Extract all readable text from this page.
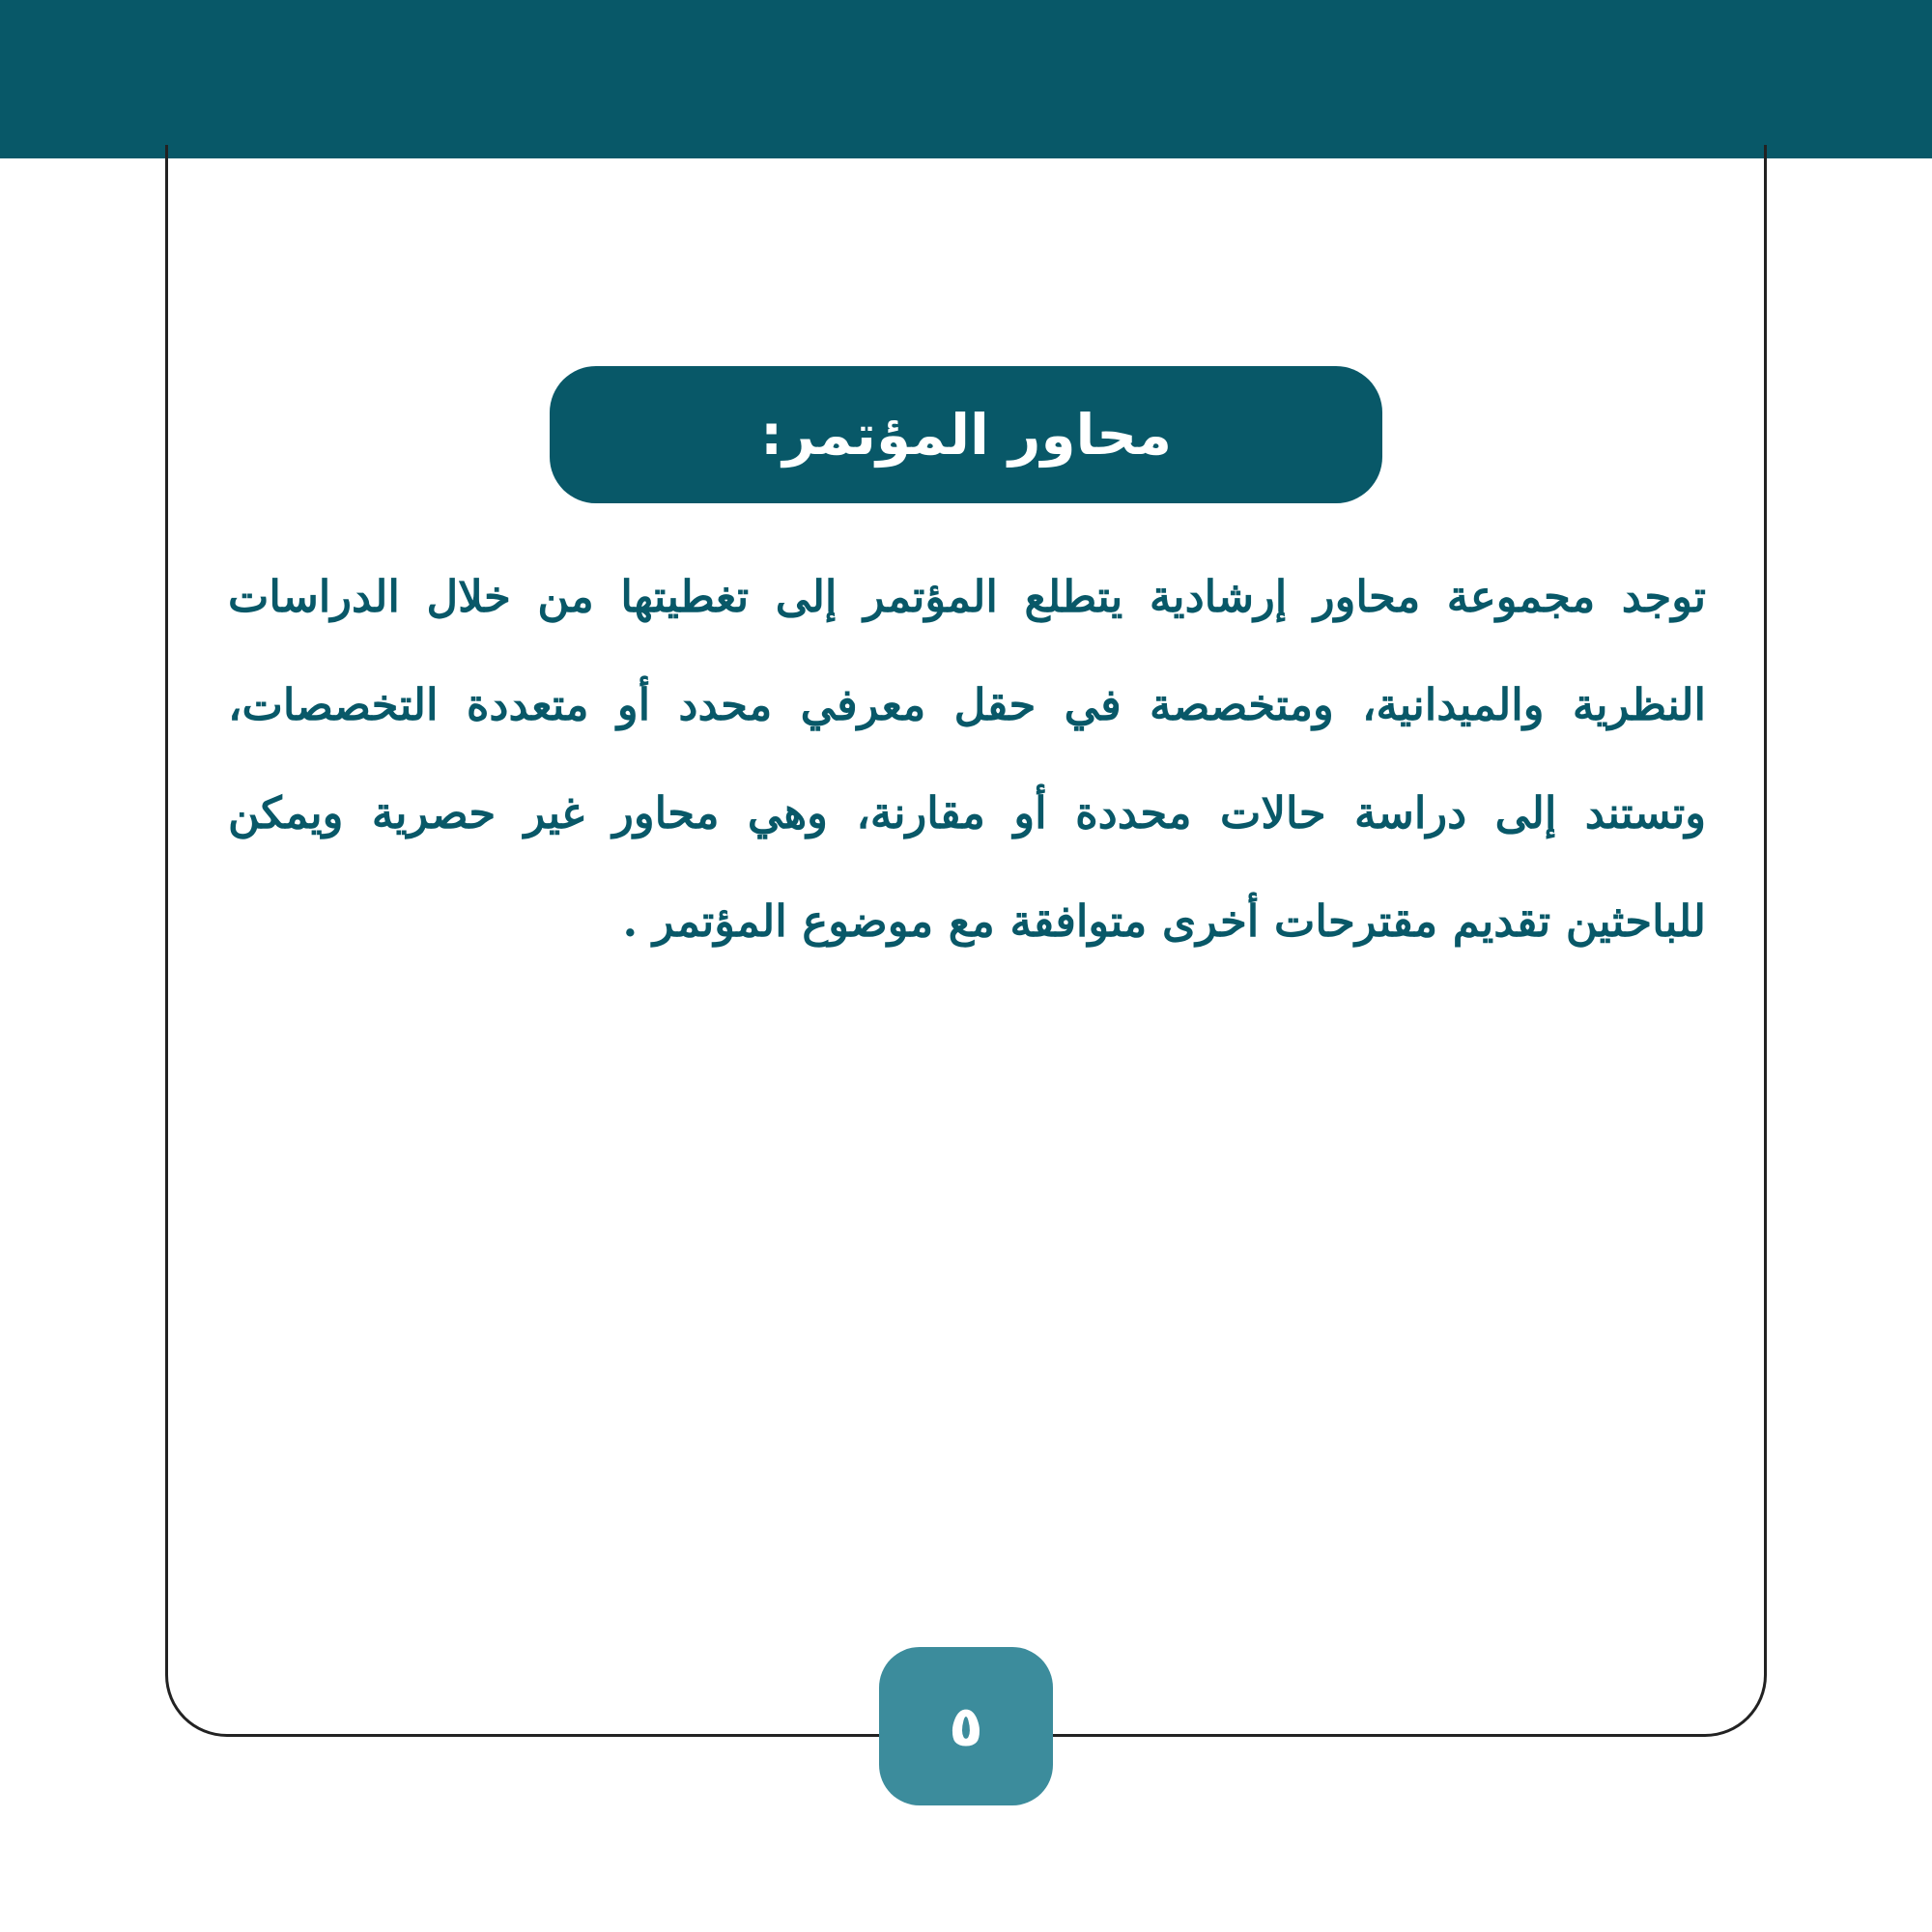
محاور المؤتمر:

توجد مجموعة محاور إرشادية يتطلع المؤتمر إلى تغطيتها من خلال الدراسات النظرية والميدانية، ومتخصصة في حقل معرفي محدد أو متعددة التخصصات، وتستند إلى دراسة حالات محددة أو مقارنة، وهي محاور غير حصرية ويمكن للباحثين تقديم مقترحات أخرى متوافقة مع موضوع المؤتمر .

٥
